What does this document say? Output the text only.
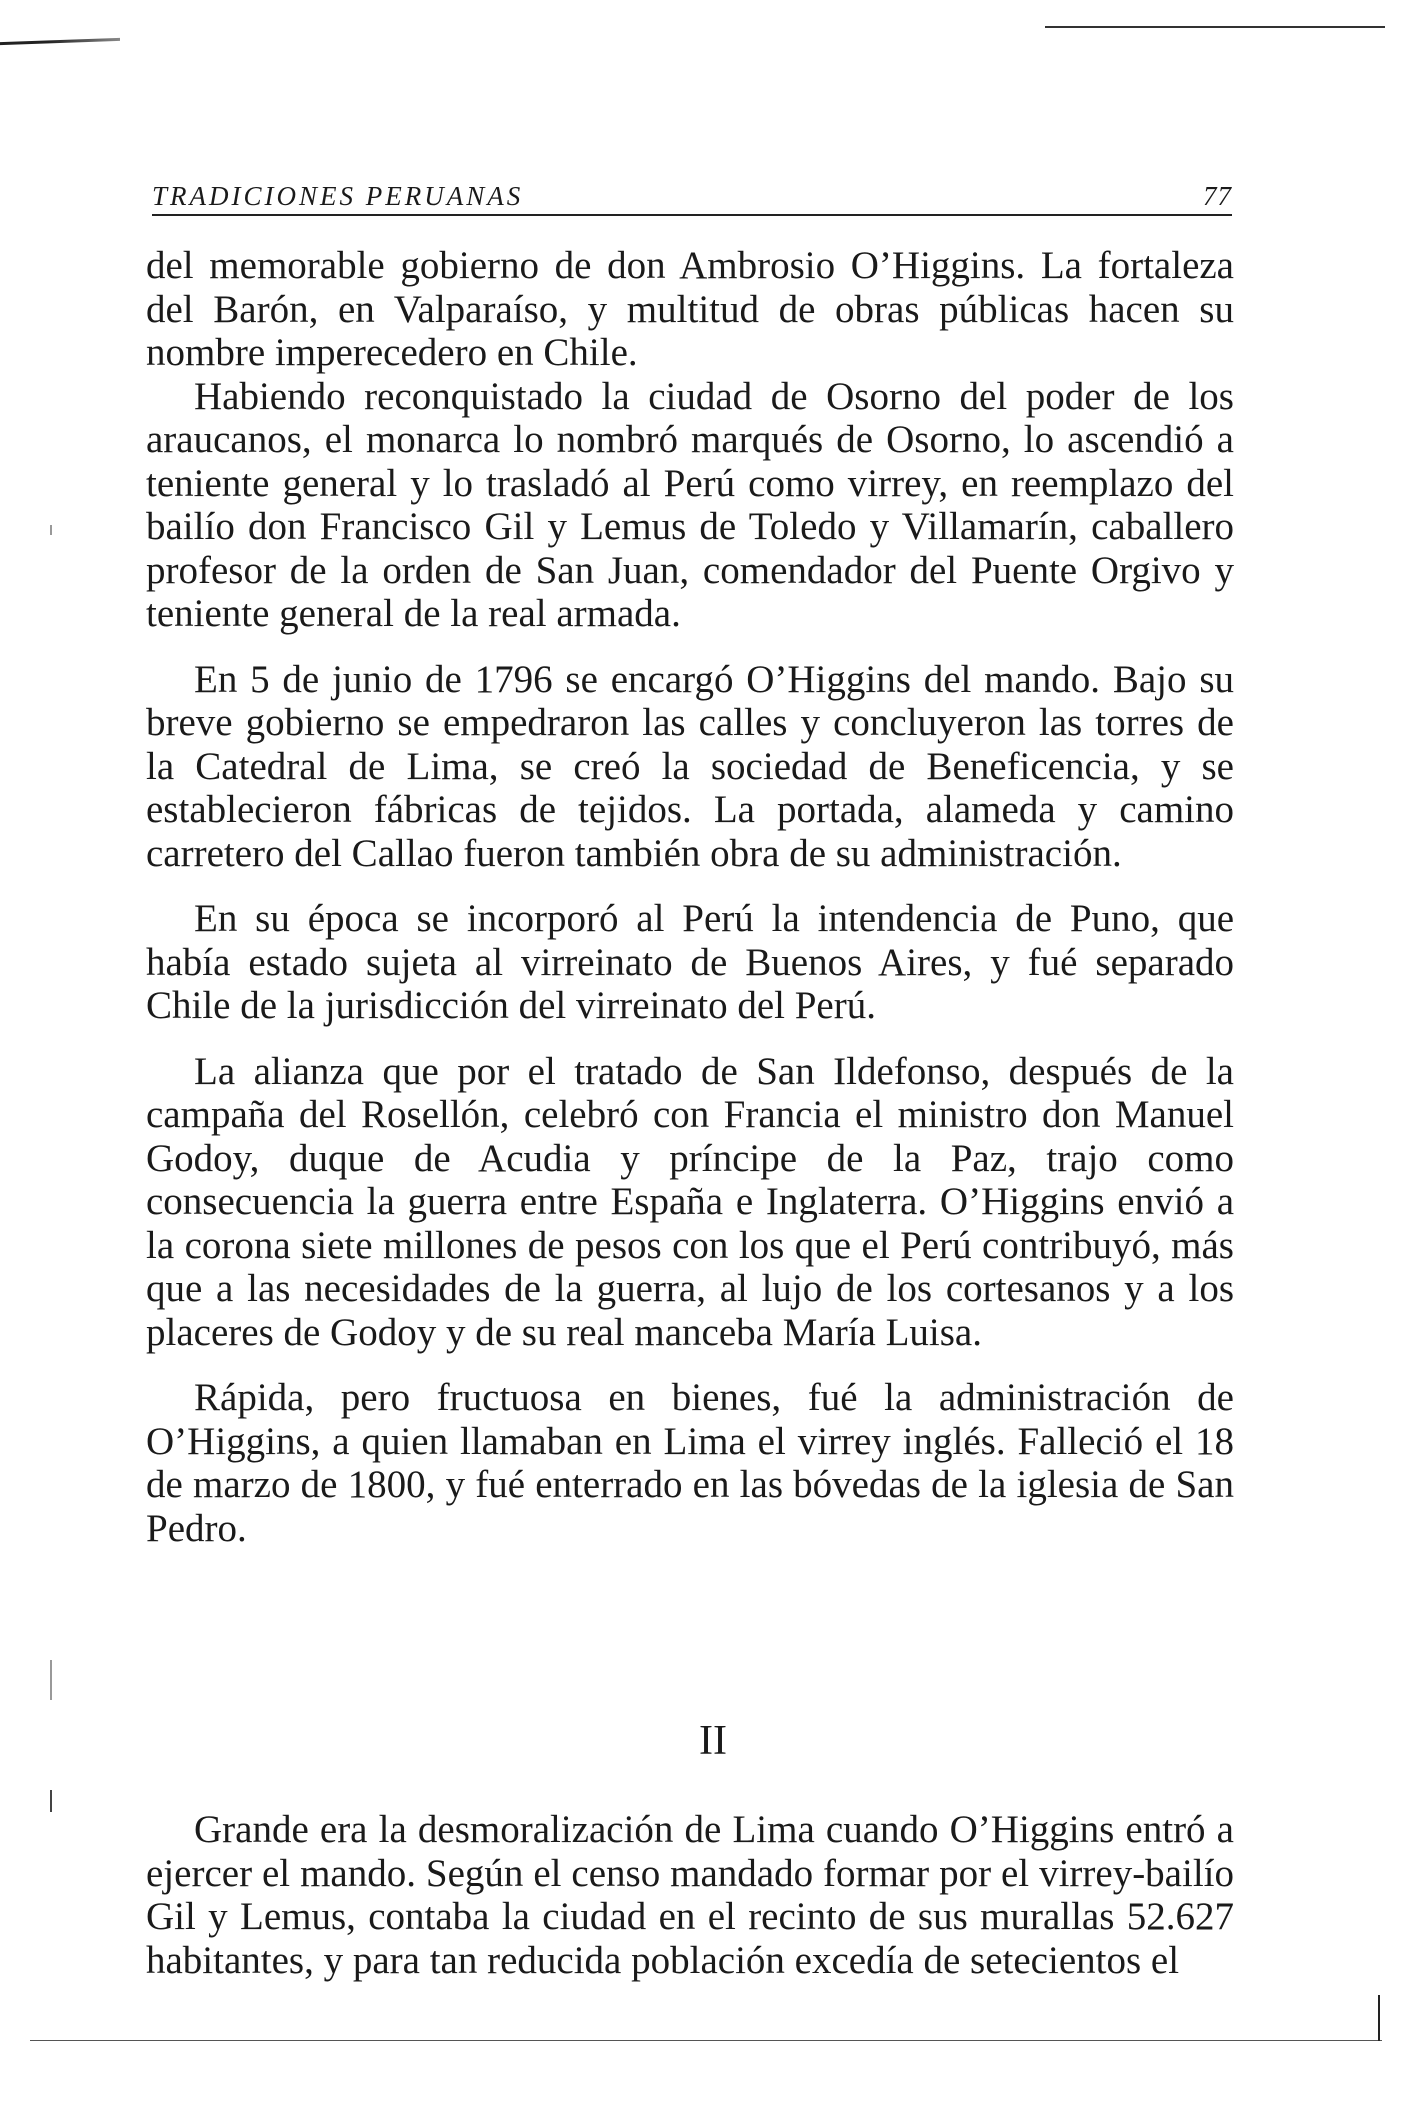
TRADICIONES PERUANAS	77

del memorable gobierno de don Ambrosio O’Higgins. La fortaleza del Barón, en Valparaíso, y multitud de obras públicas hacen su nombre imperecedero en Chile.

Habiendo reconquistado la ciudad de Osorno del poder de los araucanos, el monarca lo nombró marqués de Osorno, lo ascendió a teniente general y lo trasladó al Perú como virrey, en reemplazo del bailío don Francisco Gil y Lemus de Toledo y Villamarín, caballero profesor de la orden de San Juan, comendador del Puente Orgivo y teniente general de la real armada.

En 5 de junio de 1796 se encargó O’Higgins del mando. Bajo su breve gobierno se empedraron las calles y concluyeron las torres de la Catedral de Lima, se creó la sociedad de Beneficencia, y se establecieron fábricas de tejidos. La portada, alameda y camino carretero del Callao fueron también obra de su administración.

En su época se incorporó al Perú la intendencia de Puno, que había estado sujeta al virreinato de Buenos Aires, y fué separado Chile de la jurisdicción del virreinato del Perú.

La alianza que por el tratado de San Ildefonso, después de la campaña del Rosellón, celebró con Francia el ministro don Manuel Godoy, duque de Acudia y príncipe de la Paz, trajo como consecuencia la guerra entre España e Inglaterra. O’Higgins envió a la corona siete millones de pesos con los que el Perú contribuyó, más que a las necesidades de la guerra, al lujo de los cortesanos y a los placeres de Godoy y de su real manceba María Luisa.

Rápida, pero fructuosa en bienes, fué la administración de O’Higgins, a quien llamaban en Lima el virrey inglés. Falleció el 18 de marzo de 1800, y fué enterrado en las bóvedas de la iglesia de San Pedro.

II

Grande era la desmoralización de Lima cuando O’Higgins entró a ejercer el mando. Según el censo mandado formar por el virrey-bailío Gil y Lemus, contaba la ciudad en el recinto de sus murallas 52.627 habitantes, y para tan reducida población excedía de setecientos el
